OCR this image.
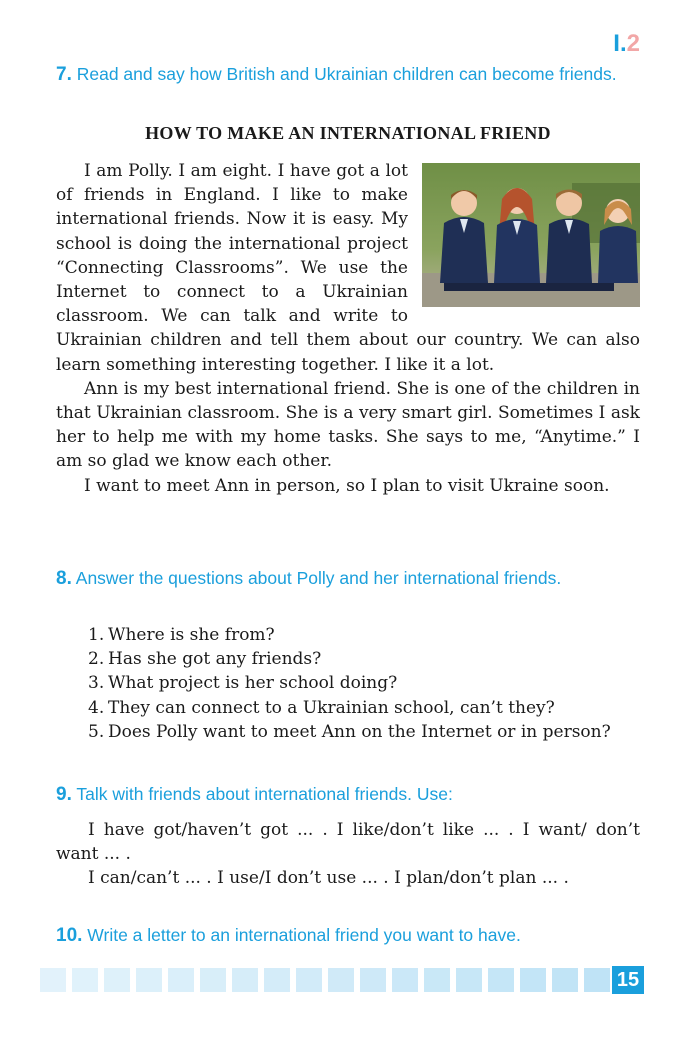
I.2

7. Read and say how British and Ukrainian children can become friends.

HOW TO MAKE AN INTERNATIONAL FRIEND

I am Polly. I am eight. I have got a lot of friends in England. I like to make international friends. Now it is easy. My school is doing the international project “Connecting Classrooms”. We use the Internet to connect to a Ukrainian classroom. We can talk and write to Ukrainian children and tell them about our country. We can also learn something interesting together. I like it a lot.

Ann is my best international friend. She is one of the children in that Ukrainian classroom. She is a very smart girl. Sometimes I ask her to help me with my home tasks. She says to me, “Anytime.” I am so glad we know each other.

I want to meet Ann in person, so I plan to visit Ukraine soon.

8. Answer the questions about Polly and her international friends.

1. Where is she from?
2. Has she got any friends?
3. What project is her school doing?
4. They can connect to a Ukrainian school, can’t they?
5. Does Polly want to meet Ann on the Internet or in person?

9. Talk with friends about international friends. Use:

I have got/haven’t got ... . I like/don’t like ... . I want/ don’t want ... .

I can/can’t ... . I use/I don’t use ... . I plan/don’t plan ... .

10. Write a letter to an international friend you want to have.

15
